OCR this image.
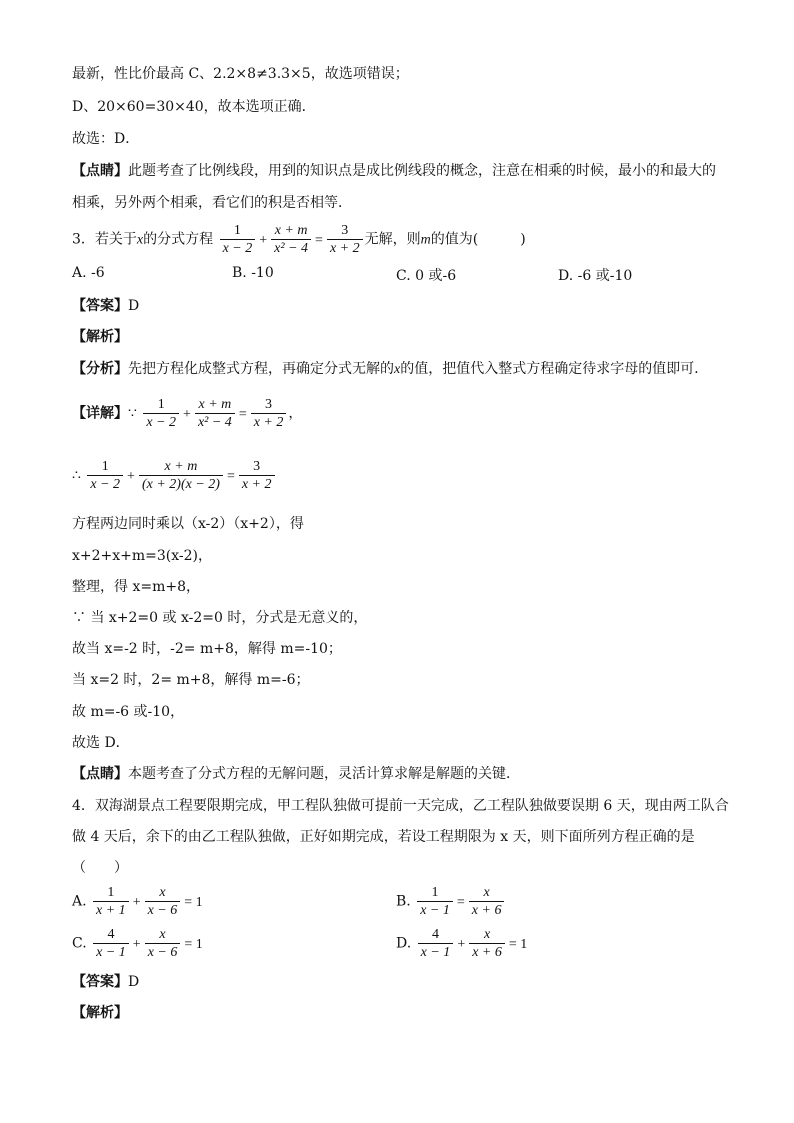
最新，性比价最高 C、2.2×8≠3.3×5，故选项错误；
D、20×60=30×40，故本选项正确．
故选：D．
【点睛】此题考查了比例线段，用到的知识点是成比例线段的概念，注意在相乘的时候，最小的和最大的
相乘，另外两个相乘，看它们的积是否相等．
3．若关于x的分式方程 $\frac{1}{x - 2} + \frac{x + m}{\text{x² − 4}} = \frac{3}{x + 2}$ 无解，则m的值为(　　　)
A. -6	B. -10	C. 0 或-6	D. -6 或-10
【答案】D
【解析】
【分析】先把方程化成整式方程，再确定分式无解的x的值，把值代入整式方程确定待求字母的值即可．
【详解】∵ $\frac{1}{x - 2} + \frac{x + m}{\text{x² − 4}} = \frac{3}{x + 2}$ ，
∴ $\frac{1}{x - 2} + \frac{x + m}{(x + 2)(x - 2)} = \frac{3}{x + 2}$
方程两边同时乘以（x-2）（x+2），得
x+2+x+m=3(x-2)，
整理，得 x=m+8，
∵ 当 x+2=0 或 x-2=0 时，分式是无意义的，
故当 x=-2 时，-2= m+8，解得 m=-10；
当 x=2 时，2= m+8，解得 m=-6；
故 m=-6 或-10，
故选 D．
【点睛】本题考查了分式方程的无解问题，灵活计算求解是解题的关键．
4．双海湖景点工程要限期完成，甲工程队独做可提前一天完成，乙工程队独做要误期 6 天，现由两工队合
做 4 天后，余下的由乙工程队独做，正好如期完成，若设工程期限为 x 天，则下面所列方程正确的是
（　　）
A. $\frac{1}{x + 1} + \frac{x}{x - 6} = 1$	B. $\frac{1}{x - 1} = \frac{x}{x + 6}$
C. $\frac{4}{x - 1} + \frac{x}{x - 6} = 1$	D. $\frac{4}{x - 1} + \frac{x}{x + 6} = 1$
【答案】D
【解析】
